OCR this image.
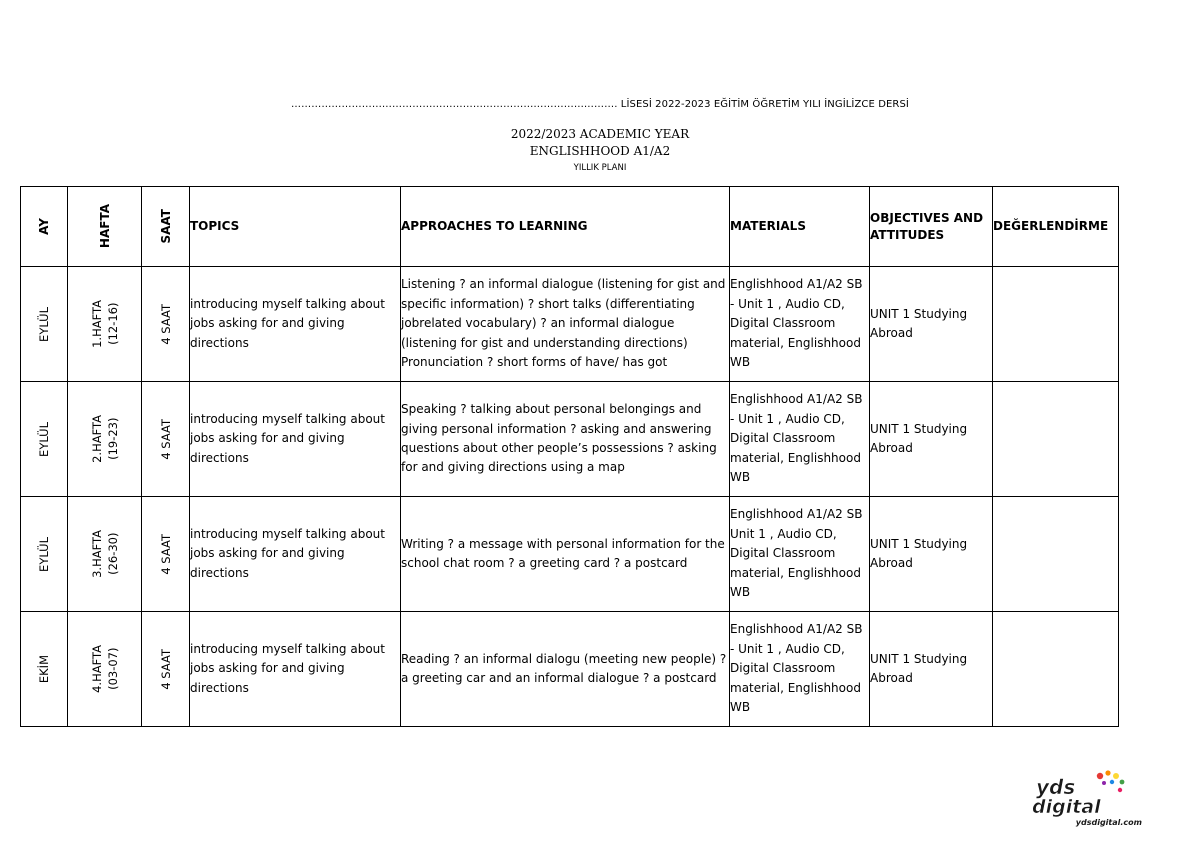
……………………………………………………………………………………. LİSESİ 2022-2023 EĞİTİM ÖĞRETİM YILI İNGİLİZCE DERSİ
2022/2023 ACADEMIC YEAR
ENGLISHHOOD A1/A2
YILLIK PLANI
AY	HAFTA	SAAT	TOPICS	APPROACHES TO LEARNING	MATERIALS	OBJECTIVES AND ATTITUDES	DEĞERLENDİRME

EYLÜL	1.HAFTA (12-16)	4 SAAT	introducing myself talking about jobs asking for and giving directions	Listening ? an informal dialogue (listening for gist and specific information) ? short talks (differentiating jobrelated vocabulary) ? an informal dialogue (listening for gist and understanding directions) Pronunciation ? short forms of have/ has got	Englishhood A1/A2 SB - Unit 1 , Audio CD, Digital Classroom material, Englishhood WB	UNIT 1 Studying Abroad	

EYLÜL	2.HAFTA (19-23)	4 SAAT	introducing myself talking about jobs asking for and giving directions	Speaking ? talking about personal belongings and giving personal information ? asking and answering questions about other people’s possessions ? asking for and giving directions using a map	Englishhood A1/A2 SB - Unit 1 , Audio CD, Digital Classroom material, Englishhood WB	UNIT 1 Studying Abroad	

EYLÜL	3.HAFTA (26-30)	4 SAAT	introducing myself talking about jobs asking for and giving directions	Writing ? a message with personal information for the school chat room ? a greeting card ? a postcard	Englishhood A1/A2 SB Unit 1 , Audio CD, Digital Classroom material, Englishhood WB	UNIT 1 Studying Abroad	

EKİM	4.HAFTA (03-07)	4 SAAT	introducing myself talking about jobs asking for and giving directions	Reading ? an informal dialogu (meeting new people) ? a greeting car and an informal dialogue ? a postcard	Englishhood A1/A2 SB - Unit 1 , Audio CD, Digital Classroom material, Englishhood WB	UNIT 1 Studying Abroad	
yds
digital
ydsdigital.com
